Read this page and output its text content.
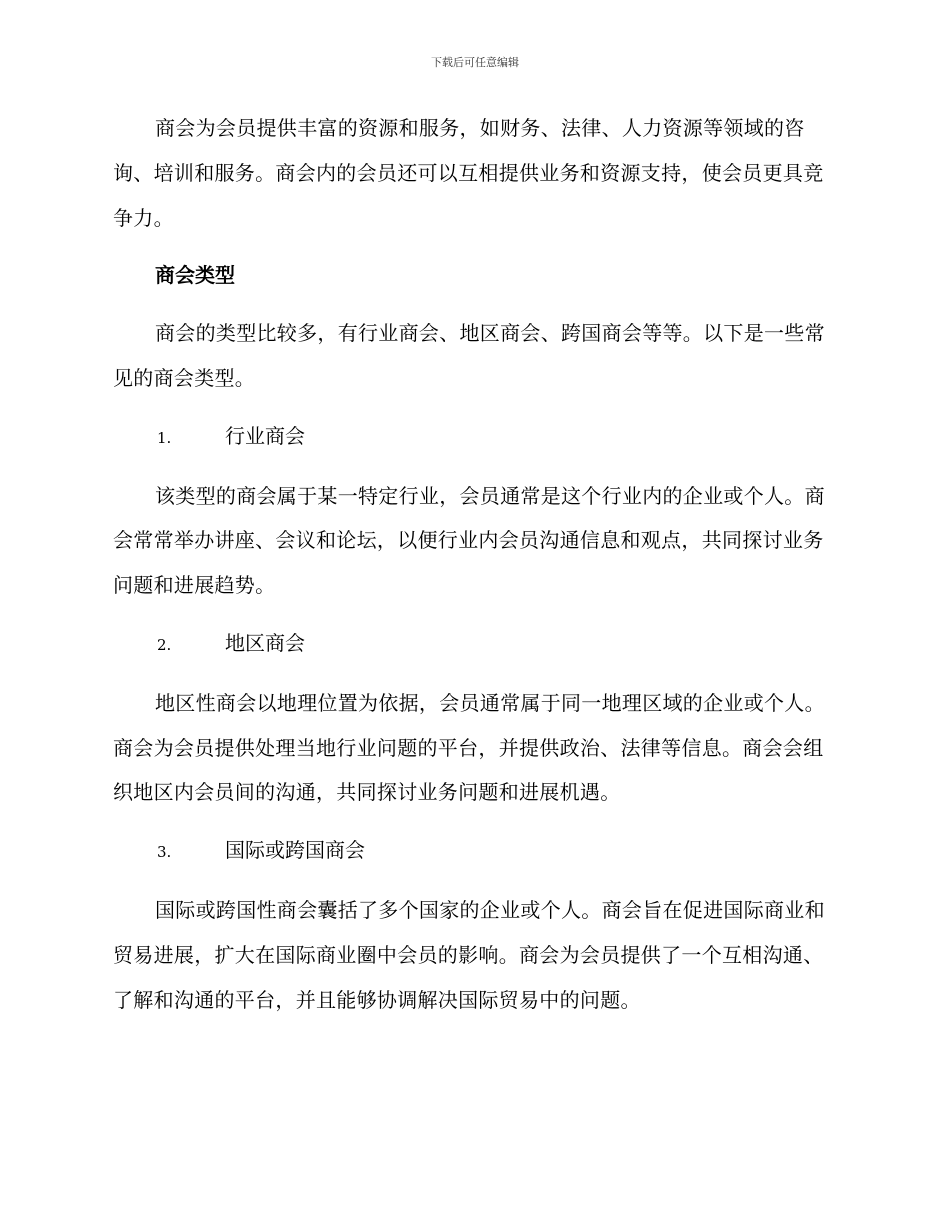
下载后可任意编辑

商会为会员提供丰富的资源和服务，如财务、法律、人力资源等领域的咨询、培训和服务。商会内的会员还可以互相提供业务和资源支持，使会员更具竞争力。

商会类型

商会的类型比较多，有行业商会、地区商会、跨国商会等等。以下是一些常见的商会类型。

1.	行业商会

该类型的商会属于某一特定行业，会员通常是这个行业内的企业或个人。商会常常举办讲座、会议和论坛，以便行业内会员沟通信息和观点，共同探讨业务问题和进展趋势。

2.	地区商会

地区性商会以地理位置为依据，会员通常属于同一地理区域的企业或个人。商会为会员提供处理当地行业问题的平台，并提供政治、法律等信息。商会会组织地区内会员间的沟通，共同探讨业务问题和进展机遇。

3.	国际或跨国商会

国际或跨国性商会囊括了多个国家的企业或个人。商会旨在促进国际商业和贸易进展，扩大在国际商业圈中会员的影响。商会为会员提供了一个互相沟通、了解和沟通的平台，并且能够协调解决国际贸易中的问题。
